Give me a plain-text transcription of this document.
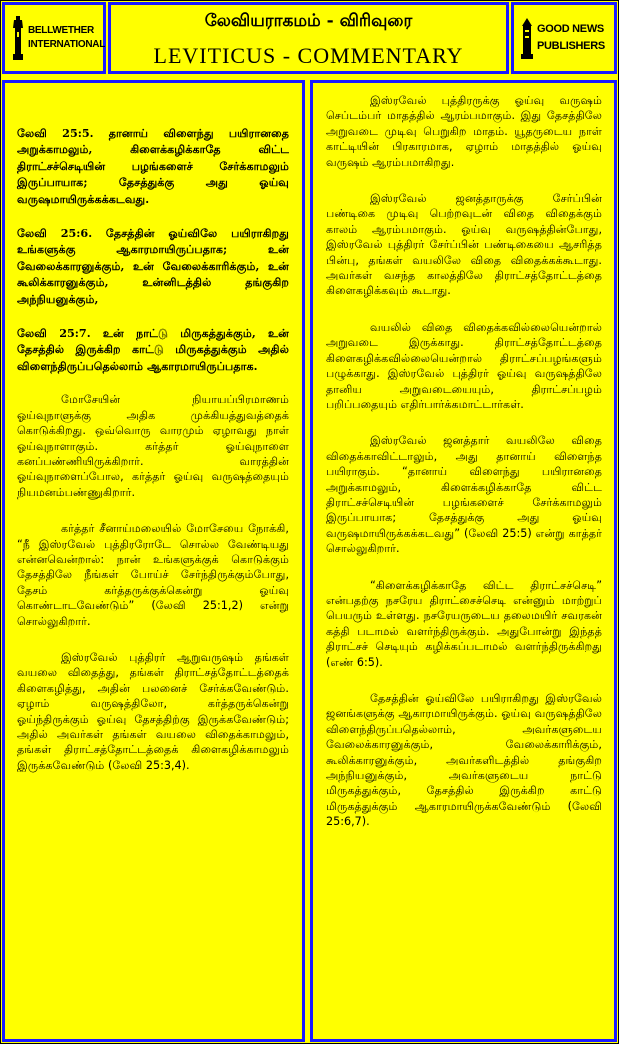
BELLWETHER
INTERNATIONAL
லேவியராகமம் - விரிவுரை
LEVITICUS - COMMENTARY
GOOD NEWS
PUBLISHERS

லேவி 25:5. தானாய் விளைந்து பயிரானதை அறுக்காமலும், கிளைக்கழிக்காதே விட்ட திராட்சச்செடியின் பழங்களைச் சேர்க்காமலும் இருப்பாயாக; தேசத்துக்கு அது ஓய்வு வருஷமாயிருக்கக்கடவது.

லேவி 25:6. தேசத்தின் ஓய்விலே பயிராகிறது உங்களுக்கு ஆகாரமாயிருப்பதாக; உன் வேலைக்காரனுக்கும், உன் வேலைக்காரிக்கும், உன் கூலிக்காரனுக்கும், உன்னிடத்தில் தங்குகிற அந்நியனுக்கும்,

லேவி 25:7. உன் நாட்டு மிருகத்துக்கும், உன் தேசத்தில் இருக்கிற காட்டு மிருகத்துக்கும் அதில் விளைந்திருப்பதெல்லாம் ஆகாரமாயிருப்பதாக.

மோசேயின் நியாயப்பிரமாணம் ஓய்வுநாளுக்கு அதிக முக்கியத்துவத்தைக் கொடுக்கிறது. ஒவ்வொரு வாரமும் ஏழாவது நாள் ஓய்வுநாளாகும். கர்த்தர் ஓய்வுநாளை கனப்பண்ணியிருக்கிறார். வாரத்தின் ஓய்வுநாளைப்போல, கர்த்தர் ஓய்வு வருஷத்தையும் நியமனம்பண்ணுகிறார்.

கர்த்தர் சீனாய்மலையில் மோசேயை நோக்கி, “நீ இஸ்ரவேல் புத்திரரோடே சொல்ல வேண்டியது என்னவென்றால்: நான் உங்களுக்குக் கொடுக்கும் தேசத்திலே நீங்கள் போய்ச் சேர்ந்திருக்கும்போது, தேசம் கர்த்தருக்குக்கென்று ஓய்வு கொண்டாடவேண்டும்” (லேவி 25:1,2) என்று சொல்லுகிறார்.

இஸ்ரவேல் புத்திரர் ஆறுவருஷம் தங்கள் வயலை விதைத்து, தங்கள் திராட்சத்தோட்டத்தைக் கிளைகழித்து, அதின் பலனைச் சேர்க்கவேண்டும். ஏழாம் வருஷத்திலோ, கர்த்தருக்கென்று ஓய்ந்திருக்கும் ஓய்வு தேசத்திற்கு இருக்கவேண்டும்; அதில் அவர்கள் தங்கள் வயலை விதைக்காமலும், தங்கள் திராட்சத்தோட்டத்தைக் கிளைகழிக்காமலும் இருக்கவேண்டும் (லேவி 25:3,4).

இஸ்ரவேல் புத்திரருக்கு ஓய்வு வருஷம் செப்டம்பர் மாதத்தில் ஆரம்பமாகும். இது தேசத்திலே அறுவடை முடிவு பெறுகிற மாதம். யூதருடைய நாள் காட்டியின் பிரகாரமாக, ஏழாம் மாதத்தில் ஓய்வு வருஷம் ஆரம்பமாகிறது.

இஸ்ரவேல் ஜனத்தாருக்கு சேர்ப்பின் பண்டிகை முடிவு பெற்றவுடன் விதை விதைக்கும் காலம் ஆரம்பமாகும். ஓய்வு வருஷத்தின்போது, இஸ்ரவேல் புத்திரர் சேர்ப்பின் பண்டிகையை ஆசரித்த பின்பு, தங்கள் வயலிலே விதை விதைக்கக்கூடாது. அவர்கள் வசந்த காலத்திலே திராட்சத்தோட்டத்தை கிளைகழிக்கவும் கூடாது.

வயலில் விதை விதைக்கவில்லையென்றால் அறுவடை இருக்காது. திராட்சத்தோட்டத்தை கிளைகழிக்கவில்லையென்றால் திராட்சப்பழங்களும் பழுக்காது. இஸ்ரவேல் புத்திரர் ஓய்வு வருஷத்திலே தானிய அறுவடையையும், திராட்சப்பழம் பறிப்பதையும் எதிர்பார்க்கமாட்டார்கள்.

இஸ்ரவேல் ஜனத்தார் வயலிலே விதை விதைக்காவிட்டாலும், அது தானாய் விளைந்த பயிராகும். “தானாய் விளைந்து பயிரானதை அறுக்காமலும், கிளைக்கழிக்காதே விட்ட திராட்சச்செடியின் பழங்களைச் சேர்க்காமலும் இருப்பாயாக; தேசத்துக்கு அது ஓய்வு வருஷமாயிருக்கக்கடவது” (லேவி 25:5) என்று காத்தர் சொல்லுகிறார்.

“கிளைக்கழிக்காதே விட்ட திராட்சச்செடி” என்பதற்கு நசரேய திராட்சைச்செடி என்னும் மாற்றுப் பெயரும் உள்ளது. நசரேயருடைய தலைமயிர் சவரகன் கத்தி படாமல் வளர்ந்திருக்கும். அதுபோன்று இந்தத் திராட்சச் செடியும் கழிக்கப்படாமல் வளர்ந்திருக்கிறது (எண் 6:5).

தேசத்தின் ஓய்விலே பயிராகிறது இஸ்ரவேல் ஜனங்களுக்கு ஆகாரமாயிருக்கும். ஓய்வு வருஷத்திலே விளைந்திருப்பதெல்லாம், அவர்களுடைய வேலைக்காரனுக்கும், வேலைக்காரிக்கும், கூலிக்காரனுக்கும், அவர்களிடத்தில் தங்குகிற அந்நியனுக்கும், அவர்களுடைய நாட்டு மிருகத்துக்கும், தேசத்தில் இருக்கிற காட்டு மிருகத்துக்கும் ஆகாரமாயிருக்கவேண்டும் (லேவி 25:6,7).
